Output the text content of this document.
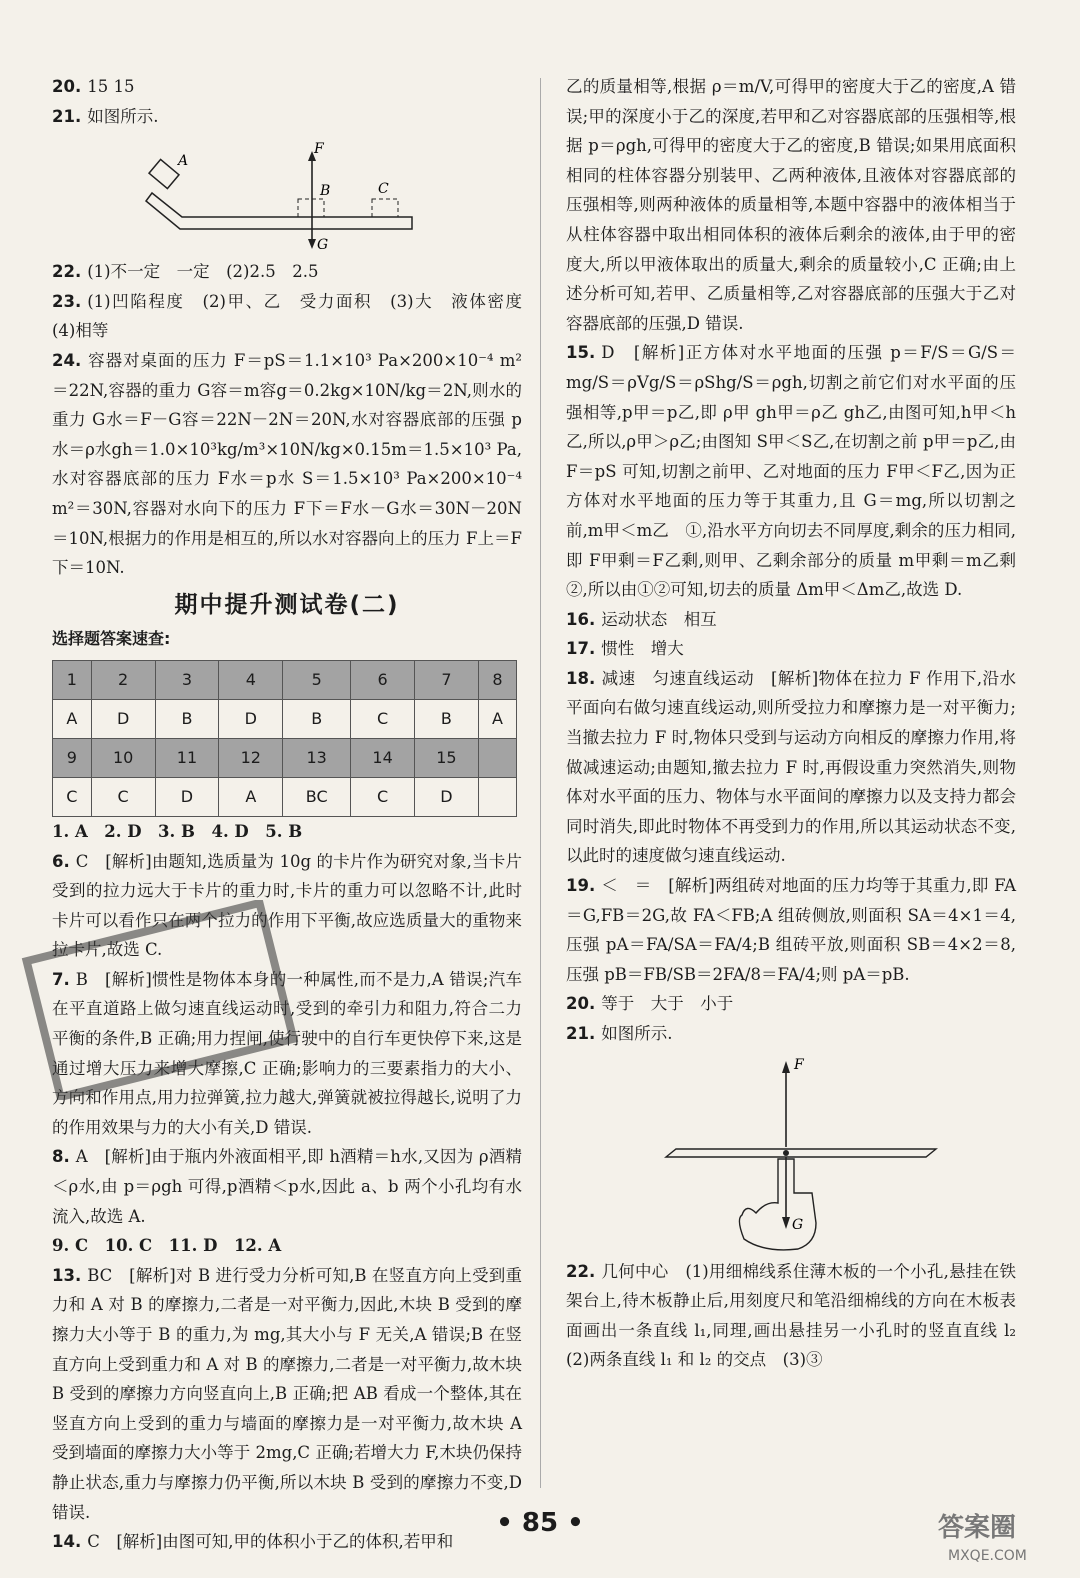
20. 15 15

21. 如图所示.

A
F
G
B	C

22. (1)不一定　一定　(2)2.5　2.5

23. (1)凹陷程度　(2)甲、乙　受力面积　(3)大　液体密度　(4)相等

24. 容器对桌面的压力 F＝pS＝1.1×10³ Pa×200×10⁻⁴ m²＝22N,容器的重力 G容＝m容g＝0.2kg×10N/kg＝2N,则水的重力 G水＝F－G容＝22N－2N＝20N,水对容器底部的压强 p水＝ρ水gh＝1.0×10³kg/m³×10N/kg×0.15m＝1.5×10³ Pa,水对容器底部的压力 F水＝p水 S＝1.5×10³ Pa×200×10⁻⁴ m²＝30N,容器对水向下的压力 F下＝F水－G水＝30N－20N＝10N,根据力的作用是相互的,所以水对容器向上的压力 F上＝F下＝10N.

期中提升测试卷(二)
选择题答案速查:
1	2	3	4	5	6	7	8
A	D	B	D	B	C	B	A
9	10	11	12	13	14	15	
C	C	D	A	BC	C	D	

1. A　2. D　3. B　4. D　5. B

6. C　[解析]由题知,选质量为 10g 的卡片作为研究对象,当卡片受到的拉力远大于卡片的重力时,卡片的重力可以忽略不计,此时卡片可以看作只在两个拉力的作用下平衡,故应选质量大的重物来拉卡片,故选 C.

7. B　[解析]惯性是物体本身的一种属性,而不是力,A 错误;汽车在平直道路上做匀速直线运动时,受到的牵引力和阻力,符合二力平衡的条件,B 正确;用力捏闸,使行驶中的自行车更快停下来,这是通过增大压力来增大摩擦,C 正确;影响力的三要素指力的大小、方向和作用点,用力拉弹簧,拉力越大,弹簧就被拉得越长,说明了力的作用效果与力的大小有关,D 错误.

8. A　[解析]由于瓶内外液面相平,即 h酒精＝h水,又因为 ρ酒精＜ρ水,由 p＝ρgh 可得,p酒精＜p水,因此 a、b 两个小孔均有水流入,故选 A.

9. C　10. C　11. D　12. A

13. BC　[解析]对 B 进行受力分析可知,B 在竖直方向上受到重力和 A 对 B 的摩擦力,二者是一对平衡力,因此,木块 B 受到的摩擦力大小等于 B 的重力,为 mg,其大小与 F 无关,A 错误;B 在竖直方向上受到重力和 A 对 B 的摩擦力,二者是一对平衡力,故木块 B 受到的摩擦力方向竖直向上,B 正确;把 AB 看成一个整体,其在竖直方向上受到的重力与墙面的摩擦力是一对平衡力,故木块 A 受到墙面的摩擦力大小等于 2mg,C 正确;若增大力 F,木块仍保持静止状态,重力与摩擦力仍平衡,所以木块 B 受到的摩擦力不变,D 错误.

14. C　[解析]由图可知,甲的体积小于乙的体积,若甲和

乙的质量相等,根据 ρ＝m/V,可得甲的密度大于乙的密度,A 错误;甲的深度小于乙的深度,若甲和乙对容器底部的压强相等,根据 p＝ρgh,可得甲的密度大于乙的密度,B 错误;如果用底面积相同的柱体容器分别装甲、乙两种液体,且液体对容器底部的压强相等,则两种液体的质量相等,本题中容器中的液体相当于从柱体容器中取出相同体积的液体后剩余的液体,由于甲的密度大,所以甲液体取出的质量大,剩余的质量较小,C 正确;由上述分析可知,若甲、乙质量相等,乙对容器底部的压强大于乙对容器底部的压强,D 错误.

15. D　[解析]正方体对水平地面的压强 p＝F/S＝G/S＝mg/S＝ρVg/S＝ρShg/S＝ρgh,切割之前它们对水平面的压强相等,p甲＝p乙,即 ρ甲 gh甲＝ρ乙 gh乙,由图可知,h甲＜h乙,所以,ρ甲＞ρ乙;由图知 S甲＜S乙,在切割之前 p甲＝p乙,由 F＝pS 可知,切割之前甲、乙对地面的压力 F甲＜F乙,因为正方体对水平地面的压力等于其重力,且 G＝mg,所以切割之前,m甲＜m乙　①,沿水平方向切去不同厚度,剩余的压力相同,即 F甲剩＝F乙剩,则甲、乙剩余部分的质量 m甲剩＝m乙剩　②,所以由①②可知,切去的质量 Δm甲＜Δm乙,故选 D.

16. 运动状态　相互

17. 惯性　增大

18. 减速　匀速直线运动　[解析]物体在拉力 F 作用下,沿水平面向右做匀速直线运动,则所受拉力和摩擦力是一对平衡力;当撤去拉力 F 时,物体只受到与运动方向相反的摩擦力作用,将做减速运动;由题知,撤去拉力 F 时,再假设重力突然消失,则物体对水平面的压力、物体与水平面间的摩擦力以及支持力都会同时消失,即此时物体不再受到力的作用,所以其运动状态不变,以此时的速度做匀速直线运动.

19. ＜　＝　[解析]两组砖对地面的压力均等于其重力,即 FA＝G,FB＝2G,故 FA＜FB;A 组砖侧放,则面积 SA＝4×1＝4,压强 pA＝FA/SA＝FA/4;B 组砖平放,则面积 SB＝4×2＝8,压强 pB＝FB/SB＝2FA/8＝FA/4;则 pA＝pB.

20. 等于　大于　小于

21. 如图所示.

F
G

22. 几何中心　(1)用细棉线系住薄木板的一个小孔,悬挂在铁架台上,待木板静止后,用刻度尺和笔沿细棉线的方向在木板表面画出一条直线 l₁,同理,画出悬挂另一小孔时的竖直直线 l₂　(2)两条直线 l₁ 和 l₂ 的交点　(3)③

• 85 •	答案圈
MXQE.COM
